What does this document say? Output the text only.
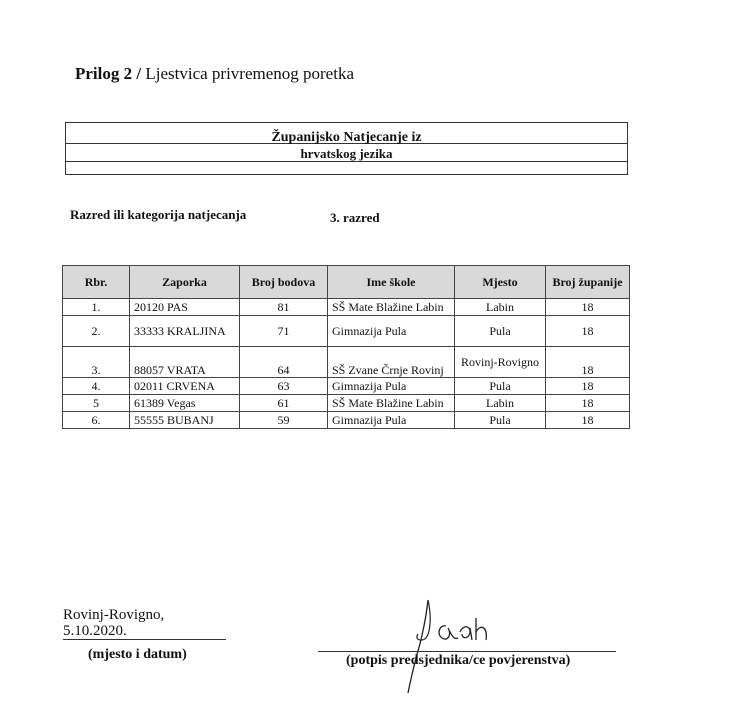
Prilog 2 / Ljestvica privremenog poretka
Županijsko Natjecanje iz
hrvatskog jezika
Razred ili kategorija natjecanja	3. razred
Rbr.	Zaporka	Broj bodova	Ime škole	Mjesto	Broj županije
1.	20120 PAS	81	SŠ Mate Blažine Labin	Labin	18
2.	33333 KRALJINA	71	Gimnazija Pula	Pula	18
3.	88057 VRATA	64	SŠ Zvane Črnje Rovinj	Rovinj-Rovigno	18
4.	02011 CRVENA	63	Gimnazija Pula	Pula	18
5	61389 Vegas	61	SŠ Mate Blažine Labin	Labin	18
6.	55555 BUBANJ	59	Gimnazija Pula	Pula	18
Rovinj-Rovigno,
5.10.2020.
(mjesto i datum)	(potpis predsjednika/ce povjerenstva)
